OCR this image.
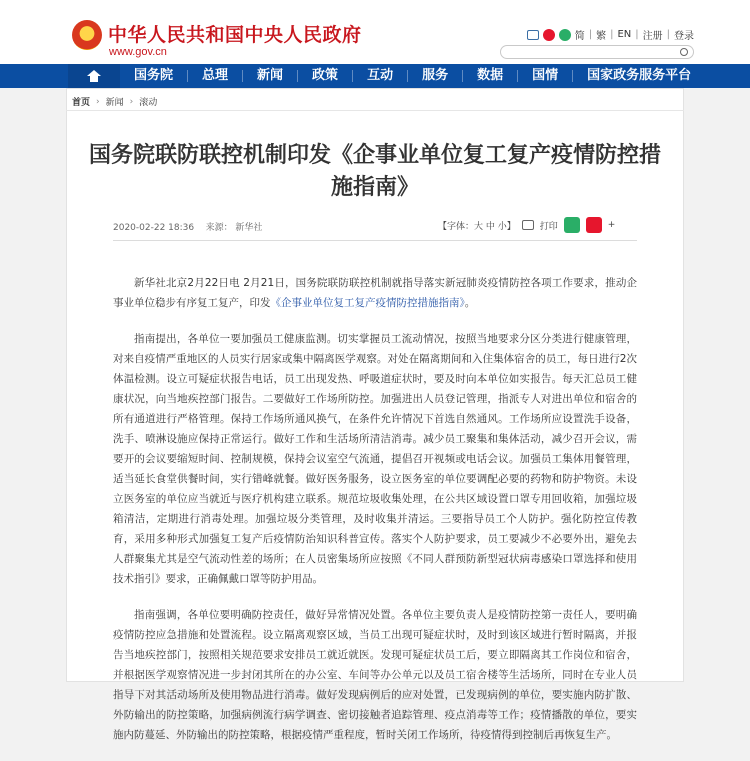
中华人民共和国中央人民政府
www.gov.cn
简 | 繁 | EN | 注册 | 登录
国务院	总理	新闻	政策	互动	服务	数据	国情	国家政务服务平台
首页 › 新闻 › 滚动
国务院联防联控机制印发《企事业单位复工复产疫情防控措施指南》
2020-02-22 18:36 来源： 新华社	【字体：大 中 小】	打印	+

新华社北京2月22日电 2月21日，国务院联防联控机制就指导落实新冠肺炎疫情防控各项工作要求，推动企事业单位稳步有序复工复产，印发《企事业单位复工复产疫情防控措施指南》。

指南提出，各单位一要加强员工健康监测。切实掌握员工流动情况，按照当地要求分区分类进行健康管理，对来自疫情严重地区的人员实行居家或集中隔离医学观察。对处在隔离期间和入住集体宿舍的员工，每日进行2次体温检测。设立可疑症状报告电话，员工出现发热、呼吸道症状时，要及时向本单位如实报告。每天汇总员工健康状况，向当地疾控部门报告。二要做好工作场所防控。加强进出人员登记管理，指派专人对进出单位和宿舍的所有通道进行严格管理。保持工作场所通风换气，在条件允许情况下首选自然通风。工作场所应设置洗手设备，洗手、喷淋设施应保持正常运行。做好工作和生活场所清洁消毒。减少员工聚集和集体活动，减少召开会议，需要开的会议要缩短时间、控制规模，保持会议室空气流通，提倡召开视频或电话会议。加强员工集体用餐管理，适当延长食堂供餐时间，实行错峰就餐。做好医务服务，设立医务室的单位要调配必要的药物和防护物资。未设立医务室的单位应当就近与医疗机构建立联系。规范垃圾收集处理，在公共区域设置口罩专用回收箱，加强垃圾箱清洁，定期进行消毒处理。加强垃圾分类管理，及时收集并清运。三要指导员工个人防护。强化防控宣传教育，采用多种形式加强复工复产后疫情防治知识科普宣传。落实个人防护要求，员工要减少不必要外出，避免去人群聚集尤其是空气流动性差的场所；在人员密集场所应按照《不同人群预防新型冠状病毒感染口罩选择和使用技术指引》要求，正确佩戴口罩等防护用品。

指南强调，各单位要明确防控责任，做好异常情况处置。各单位主要负责人是疫情防控第一责任人，要明确疫情防控应急措施和处置流程。设立隔离观察区域，当员工出现可疑症状时，及时到该区域进行暂时隔离，并报告当地疾控部门，按照相关规范要求安排员工就近就医。发现可疑症状员工后，要立即隔离其工作岗位和宿舍，并根据医学观察情况进一步封闭其所在的办公室、车间等办公单元以及员工宿舍楼等生活场所，同时在专业人员指导下对其活动场所及使用物品进行消毒。做好发现病例后的应对处置，已发现病例的单位，要实施内防扩散、外防输出的防控策略，加强病例流行病学调查、密切接触者追踪管理、疫点消毒等工作；疫情播散的单位，要实施内防蔓延、外防输出的防控策略，根据疫情严重程度，暂时关闭工作场所，待疫情得到控制后再恢复生产。
